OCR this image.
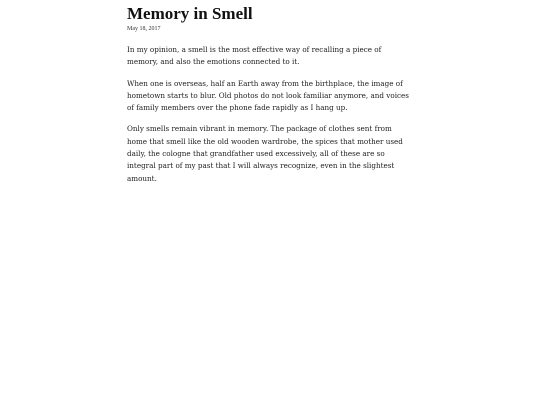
Memory in Smell
May 18, 2017

In my opinion, a smell is the most effective way of recalling a piece of memory, and also the emotions connected to it.

When one is overseas, half an Earth away from the birthplace, the image of hometown starts to blur. Old photos do not look familiar anymore, and voices of family members over the phone fade rapidly as I hang up.

Only smells remain vibrant in memory. The package of clothes sent from home that smell like the old wooden wardrobe, the spices that mother used daily, the cologne that grandfather used excessively, all of these are so integral part of my past that I will always recognize, even in the slightest amount.
